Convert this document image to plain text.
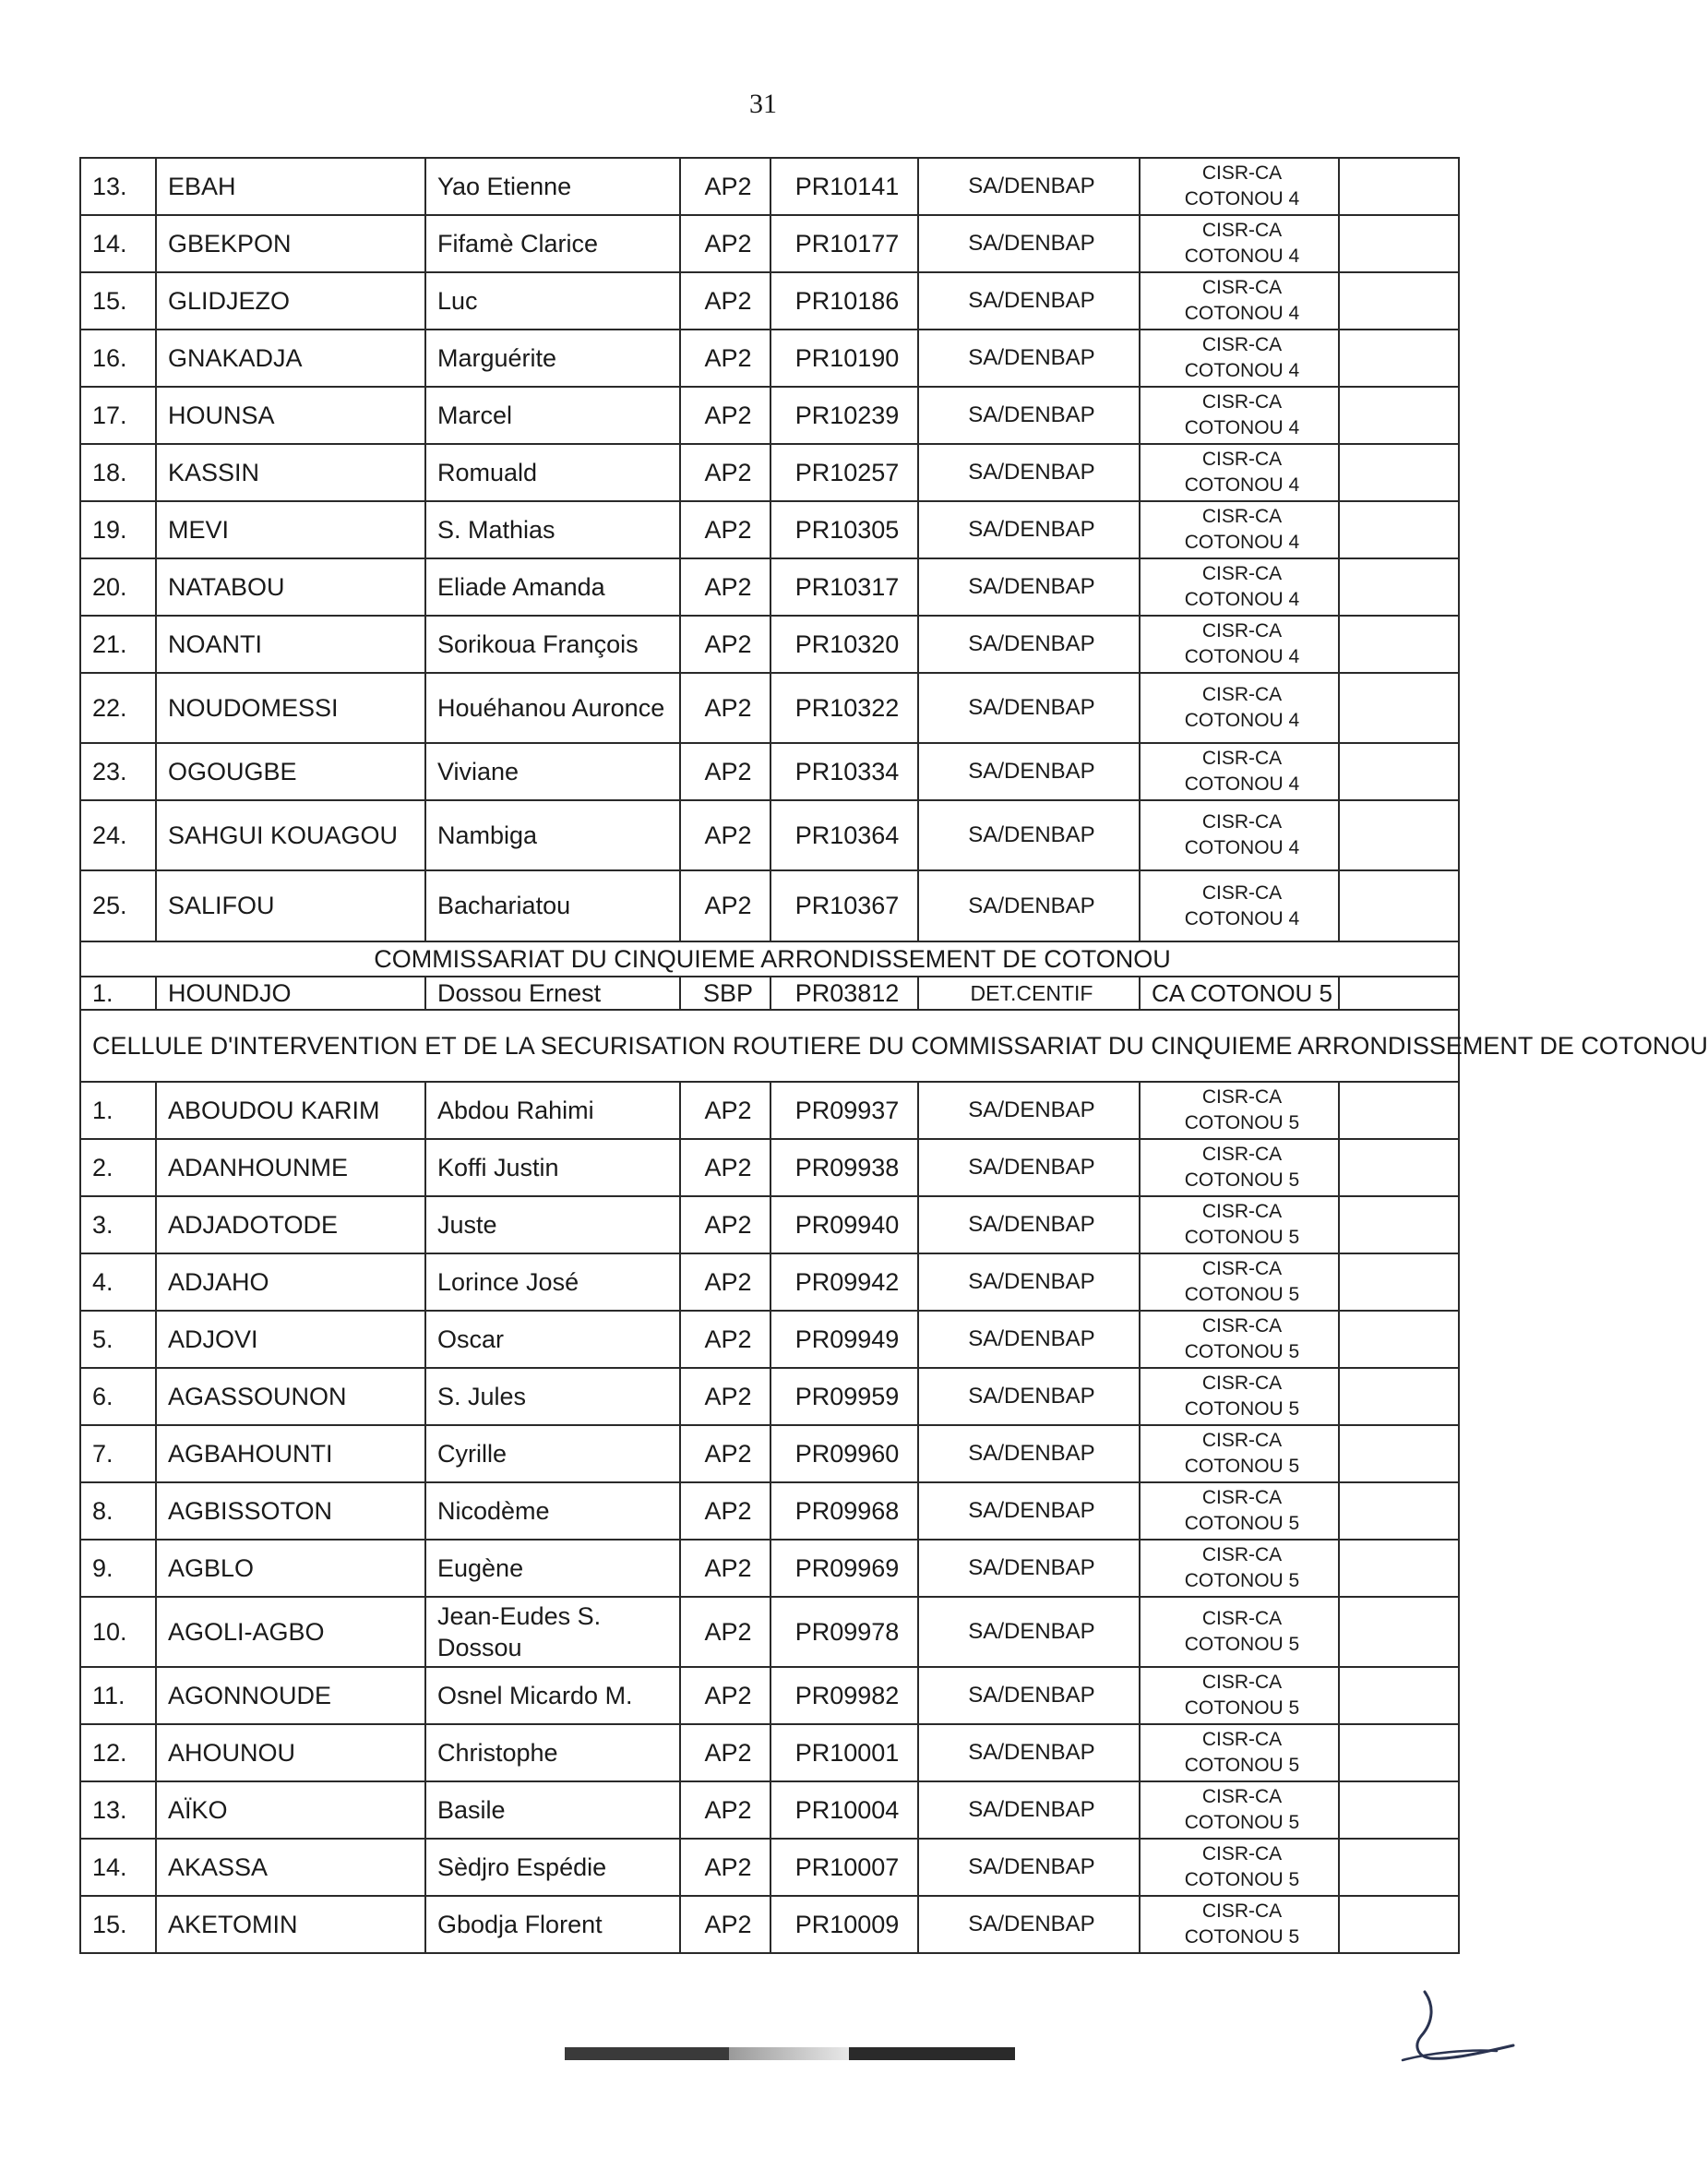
31
13.	EBAH	Yao Etienne	AP2	PR10141	SA/DENBAP	CISR-CA
COTONOU 4	

14.	GBEKPON	Fifamè Clarice	AP2	PR10177	SA/DENBAP	CISR-CA
COTONOU 4	

15.	GLIDJEZO	Luc	AP2	PR10186	SA/DENBAP	CISR-CA
COTONOU 4	

16.	GNAKADJA	Marguérite	AP2	PR10190	SA/DENBAP	CISR-CA
COTONOU 4	

17.	HOUNSA	Marcel	AP2	PR10239	SA/DENBAP	CISR-CA
COTONOU 4	

18.	KASSIN	Romuald	AP2	PR10257	SA/DENBAP	CISR-CA
COTONOU 4	

19.	MEVI	S. Mathias	AP2	PR10305	SA/DENBAP	CISR-CA
COTONOU 4	

20.	NATABOU	Eliade Amanda	AP2	PR10317	SA/DENBAP	CISR-CA
COTONOU 4	

21.	NOANTI	Sorikoua François	AP2	PR10320	SA/DENBAP	CISR-CA
COTONOU 4	

22.	NOUDOMESSI	Houéhanou Auronce	AP2	PR10322	SA/DENBAP	CISR-CA
COTONOU 4	

23.	OGOUGBE	Viviane	AP2	PR10334	SA/DENBAP	CISR-CA
COTONOU 4	

24.	SAHGUI KOUAGOU	Nambiga	AP2	PR10364	SA/DENBAP	CISR-CA
COTONOU 4	

25.	SALIFOU	Bachariatou	AP2	PR10367	SA/DENBAP	CISR-CA
COTONOU 4	

COMMISSARIAT DU CINQUIEME ARRONDISSEMENT DE COTONOU							
1.	HOUNDJO	Dossou Ernest	SBP	PR03812	DET.CENTIF	CA COTONOU 5	
CELLULE D'INTERVENTION ET DE LA SECURISATION ROUTIERE DU COMMISSARIAT DU CINQUIEME ARRONDISSEMENT DE COTONOU							
1.	ABOUDOU KARIM	Abdou Rahimi	AP2	PR09937	SA/DENBAP	CISR-CA
COTONOU 5	

2.	ADANHOUNME	Koffi Justin	AP2	PR09938	SA/DENBAP	CISR-CA
COTONOU 5	

3.	ADJADOTODE	Juste	AP2	PR09940	SA/DENBAP	CISR-CA
COTONOU 5	

4.	ADJAHO	Lorince José	AP2	PR09942	SA/DENBAP	CISR-CA
COTONOU 5	

5.	ADJOVI	Oscar	AP2	PR09949	SA/DENBAP	CISR-CA
COTONOU 5	

6.	AGASSOUNON	S. Jules	AP2	PR09959	SA/DENBAP	CISR-CA
COTONOU 5	

7.	AGBAHOUNTI	Cyrille	AP2	PR09960	SA/DENBAP	CISR-CA
COTONOU 5	

8.	AGBISSOTON	Nicodème	AP2	PR09968	SA/DENBAP	CISR-CA
COTONOU 5	

9.	AGBLO	Eugène	AP2	PR09969	SA/DENBAP	CISR-CA
COTONOU 5	

10.	AGOLI-AGBO	Jean-Eudes S. Dossou	AP2	PR09978	SA/DENBAP	CISR-CA
COTONOU 5	

11.	AGONNOUDE	Osnel Micardo M.	AP2	PR09982	SA/DENBAP	CISR-CA
COTONOU 5	

12.	AHOUNOU	Christophe	AP2	PR10001	SA/DENBAP	CISR-CA
COTONOU 5	

13.	AÏKO	Basile	AP2	PR10004	SA/DENBAP	CISR-CA
COTONOU 5	

14.	AKASSA	Sèdjro Espédie	AP2	PR10007	SA/DENBAP	CISR-CA
COTONOU 5	

15.	AKETOMIN	Gbodja Florent	AP2	PR10009	SA/DENBAP	CISR-CA
COTONOU 5	
